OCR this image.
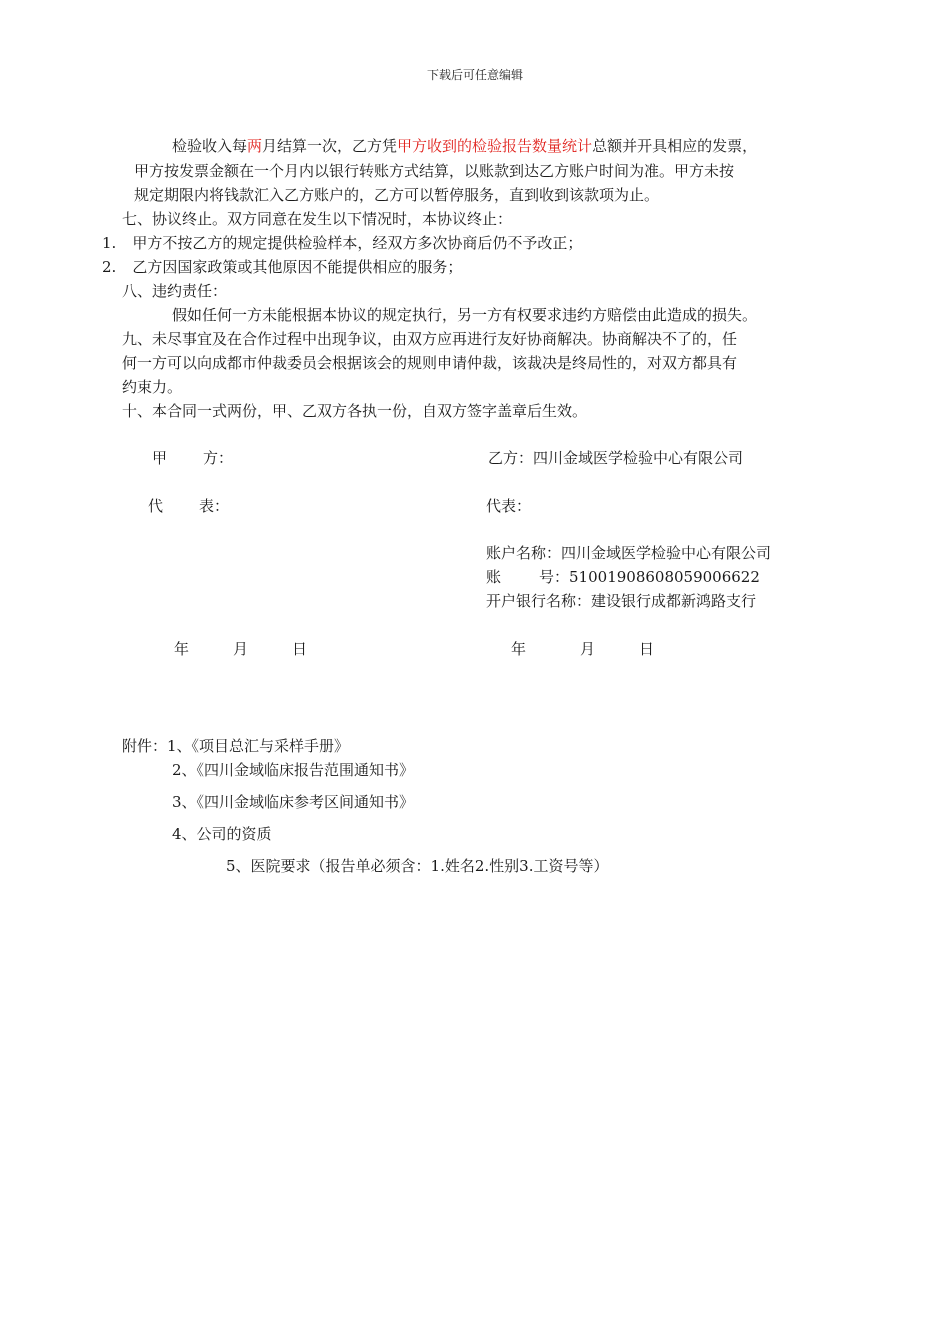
下载后可任意编辑
检验收入每两月结算一次，乙方凭甲方收到的检验报告数量统计总额并开具相应的发票，
甲方按发票金额在一个月内以银行转账方式结算，以账款到达乙方账户时间为准。甲方未按
规定期限内将钱款汇入乙方账户的，乙方可以暂停服务，直到收到该款项为止。
七、协议终止。双方同意在发生以下情况时，本协议终止：
1. 甲方不按乙方的规定提供检验样本，经双方多次协商后仍不予改正；
2. 乙方因国家政策或其他原因不能提供相应的服务；
八、违约责任：
假如任何一方未能根据本协议的规定执行，另一方有权要求违约方赔偿由此造成的损失。
九、未尽事宜及在合作过程中出现争议，由双方应再进行友好协商解决。协商解决不了的，任
何一方可以向成都市仲裁委员会根据该会的规则申请仲裁，该裁决是终局性的，对双方都具有
约束力。
十、本合同一式两份，甲、乙双方各执一份，自双方签字盖章后生效。
甲 方：	乙方：四川金域医学检验中心有限公司
代 表：	代表：
账户名称：四川金域医学检验中心有限公司
账	号：51001908608059006622
开户银行名称：建设银行成都新鸿路支行
年	月	日	年	月	日
附件：1、《项目总汇与采样手册》
2、《四川金域临床报告范围通知书》
3、《四川金域临床参考区间通知书》
4、公司的资质
5、医院要求（报告单必须含：1.姓名2.性别3.工资号等）
